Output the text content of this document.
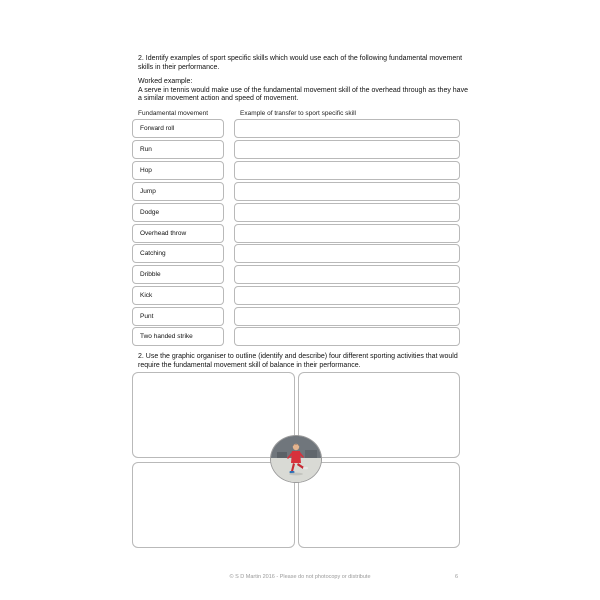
2. Identify examples of sport specific skills which would use each of the following fundamental movement skills in their performance.
Worked example:
A serve in tennis would make use of the fundamental movement skill of the overhead through as they have a similar movement action and speed of movement.
Fundamental movement	Example of transfer to sport specific skill
Forward roll
Run
Hop
Jump
Dodge
Overhead throw
Catching
Dribble
Kick
Punt
Two handed strike
2. Use the graphic organiser to outline (identify and describe) four different sporting activities that would require the fundamental movement skill of balance in their performance.
© S D Martin 2016 - Please do not photocopy or distribute	6
